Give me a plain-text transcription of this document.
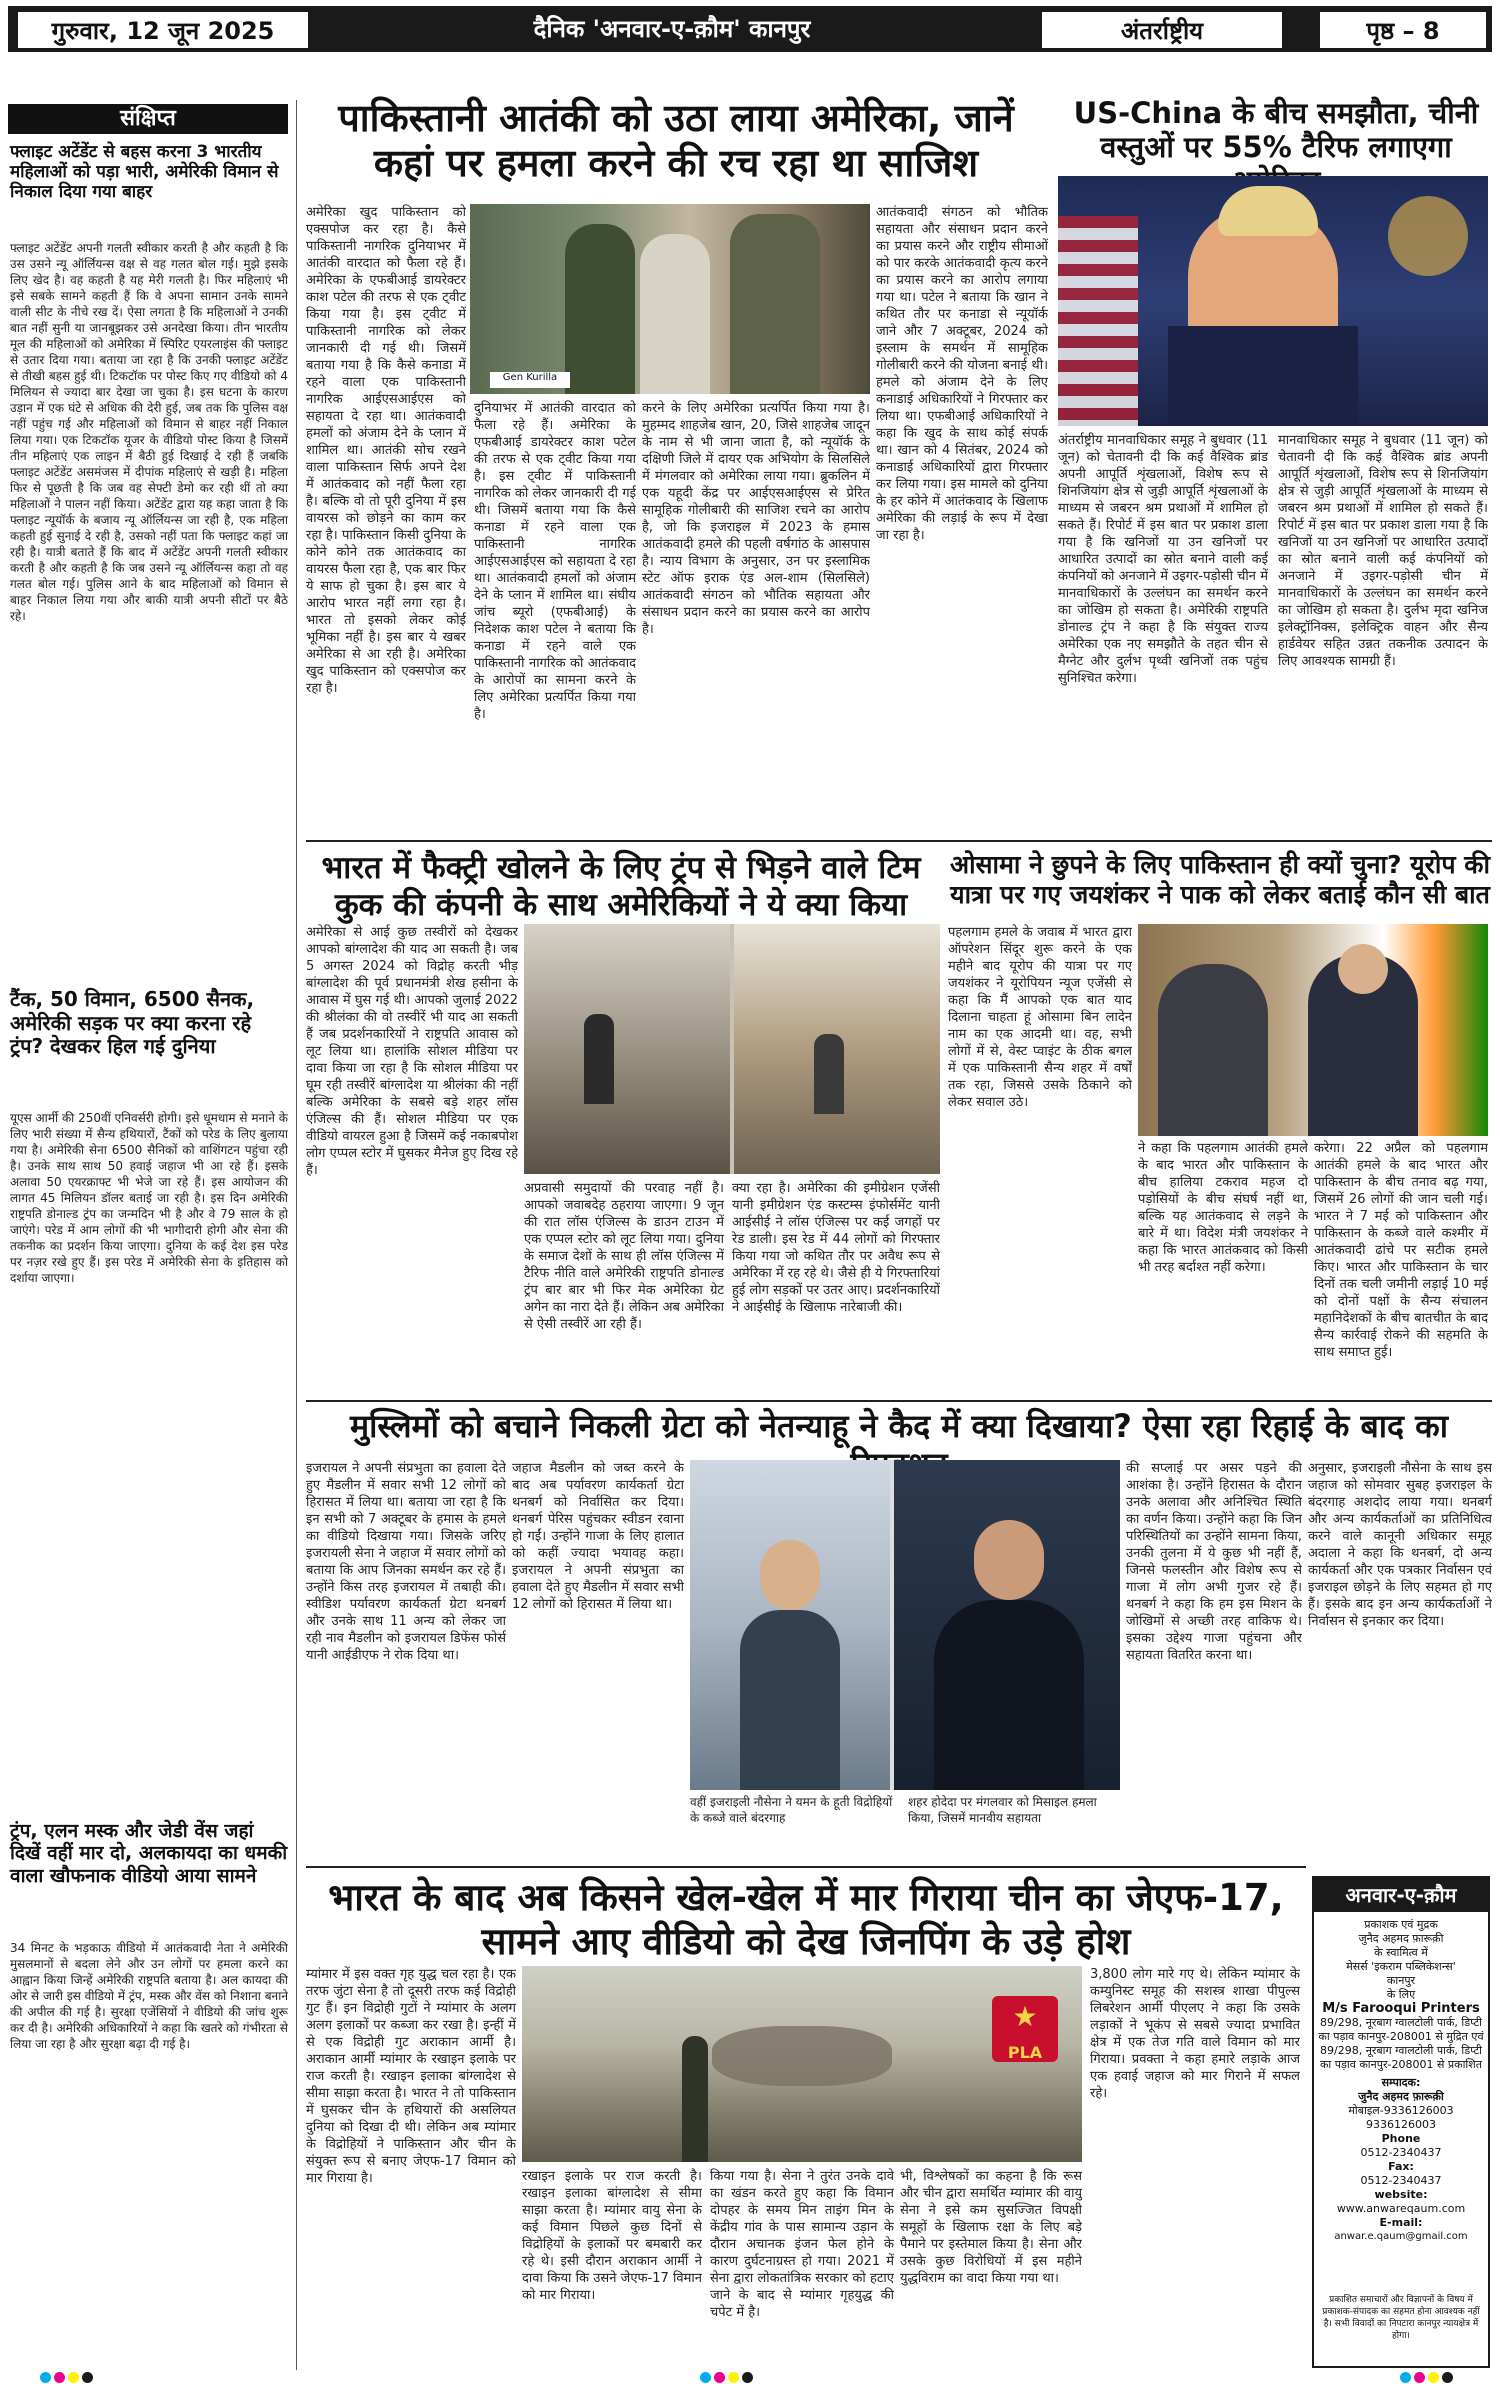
गुरुवार, 12 जून 2025	दैनिक 'अनवार-ए-क़ौम' कानपुर	अंतर्राष्ट्रीय	पृष्ठ – 8
संक्षिप्त
फ्लाइट अटेंडेंट से बहस करना 3 भारतीय महिलाओं को पड़ा भारी, अमेरिकी विमान से निकाल दिया गया बाहर
फ्लाइट अटेंडेंट अपनी गलती स्वीकार करती है और कहती है कि उस उसने न्यू ऑर्लियन्स वक्ष से वह गलत बोल गई। मुझे इसके लिए खेद है। वह कहती है यह मेरी गलती है। फिर महिलाएं भी इसे सबके सामने कहती हैं कि वे अपना सामान उनके सामने वाली सीट के नीचे रख दें। ऐसा लगता है कि महिलाओं ने उनकी बात नहीं सुनी या जानबूझकर उसे अनदेखा किया। तीन भारतीय मूल की महिलाओं को अमेरिका में स्पिरिट एयरलाइंस की फ्लाइट से उतार दिया गया। बताया जा रहा है कि उनकी फ्लाइट अटेंडेंट से तीखी बहस हुई थी। टिकटॉक पर पोस्ट किए गए वीडियो को 4 मिलियन से ज्यादा बार देखा जा चुका है। इस घटना के कारण उड़ान में एक घंटे से अधिक की देरी हुई, जब तक कि पुलिस वक्ष नहीं पहुंच गई और महिलाओं को विमान से बाहर नहीं निकाल लिया गया। एक टिकटॉक यूजर के वीडियो पोस्ट किया है जिसमें तीन महिलाएं एक लाइन में बैठी हुई दिखाई दे रही हैं जबकि फ्लाइट अटेंडेंट असमंजस में दीपांक महिलाएं से खड़ी है। महिला फिर से पूछती है कि जब वह सेफ्टी डेमो कर रही थीं तो क्या महिलाओं ने पालन नहीं किया। अटेंडेंट द्वारा यह कहा जाता है कि फ्लाइट न्यूयॉर्क के बजाय न्यू ऑर्लियन्स जा रही है, एक महिला कहती हुई सुनाई दे रही है, उसको नहीं पता कि फ्लाइट कहां जा रही है। यात्री बताते हैं कि बाद में अटेंडेंट अपनी गलती स्वीकार करती है और कहती है कि जब उसने न्यू ऑर्लियन्स कहा तो वह गलत बोल गई। पुलिस आने के बाद महिलाओं को विमान से बाहर निकाल लिया गया और बाकी यात्री अपनी सीटों पर बैठे रहे।
टैंक, 50 विमान, 6500 सैनक, अमेरिकी सड़क पर क्या करना रहे ट्रंप? देखकर हिल गई दुनिया
यूएस आर्मी की 250वीं एनिवर्सरी होगी। इसे धूमधाम से मनाने के लिए भारी संख्या में सैन्य हथियारों, टैंकों को परेड के लिए बुलाया गया है। अमेरिकी सेना 6500 सैनिकों को वाशिंगटन पहुंचा रही है। उनके साथ साथ 50 हवाई जहाज भी आ रहे हैं। इसके अलावा 50 एयरक्राफ्ट भी भेजे जा रहे हैं। इस आयोजन की लागत 45 मिलियन डॉलर बताई जा रही है। इस दिन अमेरिकी राष्ट्रपति डोनाल्ड ट्रंप का जन्मदिन भी है और वे 79 साल के हो जाएंगे। परेड में आम लोगों की भी भागीदारी होगी और सेना की तकनीक का प्रदर्शन किया जाएगा। दुनिया के कई देश इस परेड पर नज़र रखे हुए हैं। इस परेड में अमेरिकी सेना के इतिहास को दर्शाया जाएगा।
ट्रंप, एलन मस्क और जेडी वेंस जहां दिखें वहीं मार दो, अलकायदा का धमकी वाला खौफनाक वीडियो आया सामने
34 मिनट के भड़काऊ वीडियो में आतंकवादी नेता ने अमेरिकी मुसलमानों से बदला लेने और उन लोगों पर हमला करने का आह्वान किया जिन्हें अमेरिकी राष्ट्रपति बताया है। अल कायदा की ओर से जारी इस वीडियो में ट्रंप, मस्क और वेंस को निशाना बनाने की अपील की गई है। सुरक्षा एजेंसियों ने वीडियो की जांच शुरू कर दी है। अमेरिकी अधिकारियों ने कहा कि खतरे को गंभीरता से लिया जा रहा है और सुरक्षा बढ़ा दी गई है।
पाकिस्तानी आतंकी को उठा लाया अमेरिका, जानें कहां पर हमला करने की रच रहा था साजिश
Gen Kurilla
अमेरिका खुद पाकिस्तान को एक्सपोज कर रहा है। कैसे पाकिस्तानी नागरिक दुनियाभर में आतंकी वारदात को फैला रहे हैं। अमेरिका के एफबीआई डायरेक्टर काश पटेल की तरफ से एक ट्वीट किया गया है। इस ट्वीट में पाकिस्तानी नागरिक को लेकर जानकारी दी गई थी। जिसमें बताया गया है कि कैसे कनाडा में रहने वाला एक पाकिस्तानी नागरिक आईएसआईएस को सहायता दे रहा था। आतंकवादी हमलों को अंजाम देने के प्लान में शामिल था। आतंकी सोच रखने वाला पाकिस्तान सिर्फ अपने देश में आतंकवाद को नहीं फैला रहा है। बल्कि वो तो पूरी दुनिया में इस वायरस को छोड़ने का काम कर रहा है। पाकिस्तान किसी दुनिया के कोने कोने तक आतंकवाद का वायरस फैला रहा है, एक बार फिर ये साफ हो चुका है। इस बार ये आरोप भारत नहीं लगा रहा है। भारत तो इसको लेकर कोई भूमिका नहीं है। इस बार ये खबर अमेरिका से आ रही है। अमेरिका खुद पाकिस्तान को एक्सपोज कर रहा है।
दुनियाभर में आतंकी वारदात को फैला रहे हैं। अमेरिका के एफबीआई डायरेक्टर काश पटेल की तरफ से एक ट्वीट किया गया है। इस ट्वीट में पाकिस्तानी नागरिक को लेकर जानकारी दी गई थी। जिसमें बताया गया कि कैसे कनाडा में रहने वाला एक पाकिस्तानी नागरिक आईएसआईएस को सहायता दे रहा था। आतंकवादी हमलों को अंजाम देने के प्लान में शामिल था। संघीय जांच ब्यूरो (एफबीआई) के निदेशक काश पटेल ने बताया कि कनाडा में रहने वाले एक पाकिस्तानी नागरिक को आतंकवाद के आरोपों का सामना करने के लिए अमेरिका प्रत्यर्पित किया गया है।
करने के लिए अमेरिका प्रत्यर्पित किया गया है। मुहम्मद शाहजेब खान, 20, जिसे शाहजेब जादून के नाम से भी जाना जाता है, को न्यूयॉर्क के दक्षिणी जिले में दायर एक अभियोग के सिलसिले में मंगलवार को अमेरिका लाया गया। ब्रुकलिन में एक यहूदी केंद्र पर आईएसआईएस से प्रेरित सामूहिक गोलीबारी की साजिश रचने का आरोप है, जो कि इजराइल में 2023 के हमास आतंकवादी हमले की पहली वर्षगांठ के आसपास है। न्याय विभाग के अनुसार, उन पर इस्लामिक स्टेट ऑफ इराक एंड अल-शाम (सिलसिले) आतंकवादी संगठन को भौतिक सहायता और संसाधन प्रदान करने का प्रयास करने का आरोप है।
आतंकवादी संगठन को भौतिक सहायता और संसाधन प्रदान करने का प्रयास करने और राष्ट्रीय सीमाओं को पार करके आतंकवादी कृत्य करने का प्रयास करने का आरोप लगाया गया था। पटेल ने बताया कि खान ने कथित तौर पर कनाडा से न्यूयॉर्क जाने और 7 अक्टूबर, 2024 को इस्लाम के समर्थन में सामूहिक गोलीबारी करने की योजना बनाई थी। हमले को अंजाम देने के लिए कनाडाई अधिकारियों ने गिरफ्तार कर लिया था। एफबीआई अधिकारियों ने कहा कि खुद के साथ कोई संपर्क था। खान को 4 सितंबर, 2024 को कनाडाई अधिकारियों द्वारा गिरफ्तार कर लिया गया। इस मामले को दुनिया के हर कोने में आतंकवाद के खिलाफ अमेरिका की लड़ाई के रूप में देखा जा रहा है।
US-China के बीच समझौता, चीनी वस्तुओं पर 55% टैरिफ लगाएगा
अंतर्राष्ट्रीय मानवाधिकार समूह ने बुधवार (11 जून) को चेतावनी दी कि कई वैश्विक ब्रांड अपनी आपूर्ति शृंखलाओं, विशेष रूप से शिनजियांग क्षेत्र से जुड़ी आपूर्ति शृंखलाओं के माध्यम से जबरन श्रम प्रथाओं में शामिल हो सकते हैं। रिपोर्ट में इस बात पर प्रकाश डाला गया है कि खनिजों या उन खनिजों पर आधारित उत्पादों का स्रोत बनाने वाली कई कंपनियों को अनजाने में उइगर-पड़ोसी चीन में मानवाधिकारों के उल्लंघन का समर्थन करने का जोखिम हो सकता है। अमेरिकी राष्ट्रपति डोनाल्ड ट्रंप ने कहा है कि संयुक्त राज्य अमेरिका एक नए समझौते के तहत चीन से मैग्नेट और दुर्लभ पृथ्वी खनिजों तक पहुंच सुनिश्चित करेगा।
मानवाधिकार समूह ने बुधवार (11 जून) को चेतावनी दी कि कई वैश्विक ब्रांड अपनी आपूर्ति शृंखलाओं, विशेष रूप से शिनजियांग क्षेत्र से जुड़ी आपूर्ति शृंखलाओं के माध्यम से जबरन श्रम प्रथाओं में शामिल हो सकते हैं। रिपोर्ट में इस बात पर प्रकाश डाला गया है कि खनिजों या उन खनिजों पर आधारित उत्पादों का स्रोत बनाने वाली कई कंपनियों को अनजाने में उइगर-पड़ोसी चीन में मानवाधिकारों के उल्लंघन का समर्थन करने का जोखिम हो सकता है। दुर्लभ मृदा खनिज इलेक्ट्रॉनिक्स, इलेक्ट्रिक वाहन और सैन्य हार्डवेयर सहित उन्नत तकनीक उत्पादन के लिए आवश्यक सामग्री हैं।
भारत में फैक्ट्री खोलने के लिए ट्रंप से भिड़ने वाले टिम कुक की कंपनी के साथ अमेरिकियों ने ये क्या किया
अमेरिका से आई कुछ तस्वीरों को देखकर आपको बांग्लादेश की याद आ सकती है। जब 5 अगस्त 2024 को विद्रोह करती भीड़ बांग्लादेश की पूर्व प्रधानमंत्री शेख हसीना के आवास में घुस गई थी। आपको जुलाई 2022 की श्रीलंका की वो तस्वीरें भी याद आ सकती हैं जब प्रदर्शनकारियों ने राष्ट्रपति आवास को लूट लिया था। हालांकि सोशल मीडिया पर दावा किया जा रहा है कि सोशल मीडिया पर घूम रही तस्वीरें बांग्लादेश या श्रीलंका की नहीं बल्कि अमेरिका के सबसे बड़े शहर लॉस एंजिल्स की हैं। सोशल मीडिया पर एक वीडियो वायरल हुआ है जिसमें कई नकाबपोश लोग एप्पल स्टोर में घुसकर मैनेज हुए दिख रहे हैं।
अप्रवासी समुदायों की परवाह नहीं है। आपको जवाबदेह ठहराया जाएगा। 9 जून की रात लॉस एंजिल्स के डाउन टाउन में एक एप्पल स्टोर को लूट लिया गया। दुनिया के समाज देशों के साथ ही लॉस एंजिल्स में टैरिफ नीति वाले अमेरिकी राष्ट्रपति डोनाल्ड ट्रंप बार बार भी फिर मेक अमेरिका ग्रेट अगेन का नारा देते हैं। लेकिन अब अमेरिका से ऐसी तस्वीरें आ रही हैं।
क्या रहा है। अमेरिका की इमीग्रेशन एजेंसी यानी इमीग्रेशन एंड कस्टम्स इंफोर्समेंट यानी आईसीई ने लॉस एंजिल्स पर कई जगहों पर रेड डाली। इस रेड में 44 लोगों को गिरफ्तार किया गया जो कथित तौर पर अवैध रूप से अमेरिका में रह रहे थे। जैसे ही ये गिरफ्तारियां हुई लोग सड़कों पर उतर आए। प्रदर्शनकारियों ने आईसीई के खिलाफ नारेबाजी की।
ओसामा ने छुपने के लिए पाकिस्तान ही क्यों चुना? यूरोप की यात्रा पर गए जयशंकर ने पाक को लेकर बताई कौन सी बात
पहलगाम हमले के जवाब में भारत द्वारा ऑपरेशन सिंदूर शुरू करने के एक महीने बाद यूरोप की यात्रा पर गए जयशंकर ने यूरोपियन न्यूज एजेंसी से कहा कि मैं आपको एक बात याद दिलाना चाहता हूं ओसामा बिन लादेन नाम का एक आदमी था। वह, सभी लोगों में से, वेस्ट प्वाइंट के ठीक बगल में एक पाकिस्तानी सैन्य शहर में वर्षों तक रहा, जिससे उसके ठिकाने को लेकर सवाल उठे।
ने कहा कि पहलगाम आतंकी हमले के बाद भारत और पाकिस्तान के बीच हालिया टकराव महज दो पड़ोसियों के बीच संघर्ष नहीं था, बल्कि यह आतंकवाद से लड़ने के बारे में था। विदेश मंत्री जयशंकर ने कहा कि भारत आतंकवाद को किसी भी तरह बर्दाश्त नहीं करेगा।
करेगा। 22 अप्रैल को पहलगाम आतंकी हमले के बाद भारत और पाकिस्तान के बीच तनाव बढ़ गया, जिसमें 26 लोगों की जान चली गई। भारत ने 7 मई को पाकिस्तान और पाकिस्तान के कब्जे वाले कश्मीर में आतंकवादी ढांचे पर सटीक हमले किए। भारत और पाकिस्तान के चार दिनों तक चली जमीनी लड़ाई 10 मई को दोनों पक्षों के सैन्य संचालन महानिदेशकों के बीच बातचीत के बाद सैन्य कार्रवाई रोकने की सहमति के साथ समाप्त हुई।
मुस्लिमों को बचाने निकली ग्रेटा को नेतन्याहू ने कैद में क्या दिखाया? ऐसा रहा रिहाई के बाद का
इजरायल ने अपनी संप्रभुता का हवाला देते हुए मैडलीन में सवार सभी 12 लोगों को हिरासत में लिया था। बताया जा रहा है कि इन सभी को 7 अक्टूबर के हमास के हमले का वीडियो दिखाया गया। जिसके जरिए इजरायली सेना ने जहाज में सवार लोगों को बताया कि आप जिनका समर्थन कर रहे हैं। उन्होंने किस तरह इजरायल में तबाही की। स्वीडिश पर्यावरण कार्यकर्ता ग्रेटा थनबर्ग और उनके साथ 11 अन्य को लेकर जा रही नाव मैडलीन को इजरायल डिफेंस फोर्स यानी आईडीएफ ने रोक दिया था।
जहाज मैडलीन को जब्त करने के बाद अब पर्यावरण कार्यकर्ता ग्रेटा थनबर्ग को निर्वासित कर दिया। थनबर्ग पेरिस पहुंचकर स्वीडन रवाना हो गईं। उन्होंने गाजा के लिए हालात को कहीं ज्यादा भयावह कहा। इजरायल ने अपनी संप्रभुता का हवाला देते हुए मैडलीन में सवार सभी 12 लोगों को हिरासत में लिया था।
वहीं इजराइली नौसेना ने यमन के हूती विद्रोहियों के कब्जे वाले बंदरगाह
शहर होदेदा पर मंगलवार को मिसाइल हमला किया, जिसमें मानवीय सहायता
की सप्लाई पर असर पड़ने की आशंका है। उन्होंने हिरासत के दौरान उनके अलावा और अनिश्चित स्थिति का वर्णन किया। उन्होंने कहा कि जिन परिस्थितियों का उन्होंने सामना किया, उनकी तुलना में ये कुछ भी नहीं हैं, जिनसे फलस्तीन और विशेष रूप से गाजा में लोग अभी गुजर रहे हैं। थनबर्ग ने कहा कि हम इस मिशन के जोखिमों से अच्छी तरह वाकिफ थे। इसका उद्देश्य गाजा पहुंचना और सहायता वितरित करना था।
अनुसार, इजराइली नौसेना के साथ इस जहाज को सोमवार सुबह इजराइल के बंदरगाह अशदोद लाया गया। थनबर्ग और अन्य कार्यकर्ताओं का प्रतिनिधित्व करने वाले कानूनी अधिकार समूह अदाला ने कहा कि थनबर्ग, दो अन्य कार्यकर्ता और एक पत्रकार निर्वासन एवं इजराइल छोड़ने के लिए सहमत हो गए हैं। इसके बाद इन अन्य कार्यकर्ताओं ने निर्वासन से इनकार कर दिया।
भारत के बाद अब किसने खेल-खेल में मार गिराया चीन का जेएफ-17, सामने आए वीडियो को देख जिनपिंग के उड़े होश
म्यांमार में इस वक्त गृह युद्ध चल रहा है। एक तरफ जुंटा सेना है तो दूसरी तरफ कई विद्रोही गुट हैं। इन विद्रोही गुटों ने म्यांमार के अलग अलग इलाकों पर कब्जा कर रखा है। इन्हीं में से एक विद्रोही गुट अराकान आर्मी है। अराकान आर्मी म्यांमार के रखाइन इलाके पर राज करती है। रखाइन इलाका बांग्लादेश से सीमा साझा करता है। भारत ने तो पाकिस्तान में घुसकर चीन के हथियारों की असलियत दुनिया को दिखा दी थी। लेकिन अब म्यांमार के विद्रोहियों ने पाकिस्तान और चीन के संयुक्त रूप से बनाए जेएफ-17 विमान को मार गिराया है।
★
PLA
रखाइन इलाके पर राज करती है। रखाइन इलाका बांग्लादेश से सीमा साझा करता है। म्यांमार वायु सेना के कई विमान पिछले कुछ दिनों से विद्रोहियों के इलाकों पर बमबारी कर रहे थे। इसी दौरान अराकान आर्मी ने दावा किया कि उसने जेएफ-17 विमान को मार गिराया।
किया गया है। सेना ने तुरंत उनके दावे का खंडन करते हुए कहा कि विमान दोपहर के समय मिन ताइंग मिन के केंद्रीय गांव के पास सामान्य उड़ान के दौरान अचानक इंजन फेल होने के कारण दुर्घटनाग्रस्त हो गया। 2021 में सेना द्वारा लोकतांत्रिक सरकार को हटाए जाने के बाद से म्यांमार गृहयुद्ध की चपेट में है।
भी, विश्लेषकों का कहना है कि रूस और चीन द्वारा समर्थित म्यांमार की वायु सेना ने इसे कम सुसज्जित विपक्षी समूहों के खिलाफ रक्षा के लिए बड़े पैमाने पर इस्तेमाल किया है। सेना और उसके कुछ विरोधियों में इस महीने युद्धविराम का वादा किया गया था।
3,800 लोग मारे गए थे। लेकिन म्यांमार के कम्युनिस्ट समूह की सशस्त्र शाखा पीपुल्स लिबरेशन आर्मी पीएलए ने कहा कि उसके लड़ाकों ने भूकंप से सबसे ज्यादा प्रभावित क्षेत्र में एक तेज गति वाले विमान को मार गिराया। प्रवक्ता ने कहा हमारे लड़ाके आज एक हवाई जहाज को मार गिराने में सफल रहे।
अनवार-ए-क़ौम
प्रकाशक एवं मुद्रक
जुनैद अहमद फ़ारूक़ी
के स्वामित्व में
मेसर्स 'इकराम पब्लिकेशन्स'
कानपुर
के लिए
M/s Farooqui Printers
89/298, नूरबाग ग्वालटोली पार्क, डिप्टी का पड़ाव कानपुर-208001 से मुद्रित एवं 89/298, नूरबाग ग्वालटोली पार्क, डिप्टी का पड़ाव कानपुर-208001 से प्रकाशित
सम्पादक:
जुनैद अहमद फ़ारूक़ी
मोबाइल-9336126003
9336126003
Phone
0512-2340437
Fax:
0512-2340437
website:
www.anwareqaum.com
E-mail:
anwar.e.qaum@gmail.com
प्रकाशित समाचारों और विज्ञापनों के विषय में प्रकाशक-संपादक का सहमत होना आवश्यक नहीं है। सभी विवादों का निपटारा कानपुर न्यायक्षेत्र में होगा।
